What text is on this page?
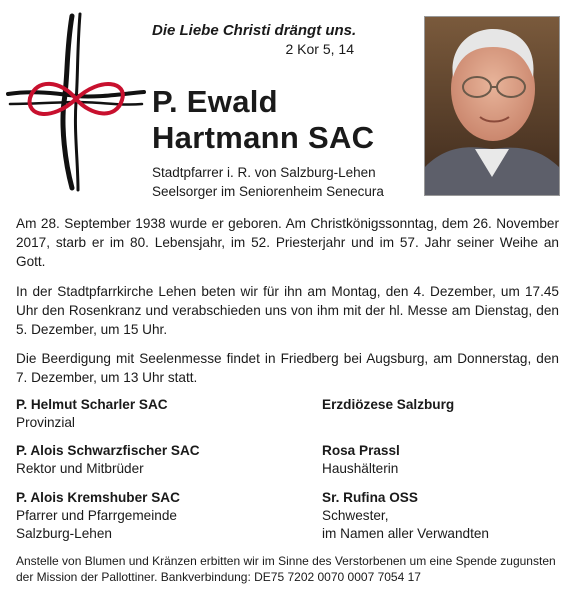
Die Liebe Christi drängt uns.
2 Kor 5, 14
P. Ewald
Hartmann SAC
Stadtpfarrer i. R. von Salzburg-Lehen
Seelsorger im Seniorenheim Senecura

Am 28. September 1938 wurde er geboren. Am Christkönigssonntag, dem 26. November 2017, starb er im 80. Lebensjahr, im 52. Priesterjahr und im 57. Jahr seiner Weihe an Gott.

In der Stadtpfarrkirche Lehen beten wir für ihn am Montag, den 4. Dezember, um 17.45 Uhr den Rosenkranz und verabschieden uns von ihm mit der hl. Messe am Dienstag, den 5. Dezember, um 15 Uhr.

Die Beerdigung mit Seelenmesse findet in Friedberg bei Augsburg, am Donnerstag, den 7. Dezember, um 13 Uhr statt.

P. Helmut Scharler SAC
Provinzial
Erzdiözese Salzburg
P. Alois Schwarzfischer SAC
Rektor und Mitbrüder
Rosa Prassl
Haushälterin
P. Alois Kremshuber SAC
Pfarrer und Pfarrgemeinde
Salzburg-Lehen
Sr. Rufina OSS
Schwester,
im Namen aller Verwandten
Anstelle von Blumen und Kränzen erbitten wir im Sinne des Verstorbenen um eine Spende zugunsten
der Mission der Pallottiner. Bankverbindung: DE75 7202 0070 0007 7054 17
